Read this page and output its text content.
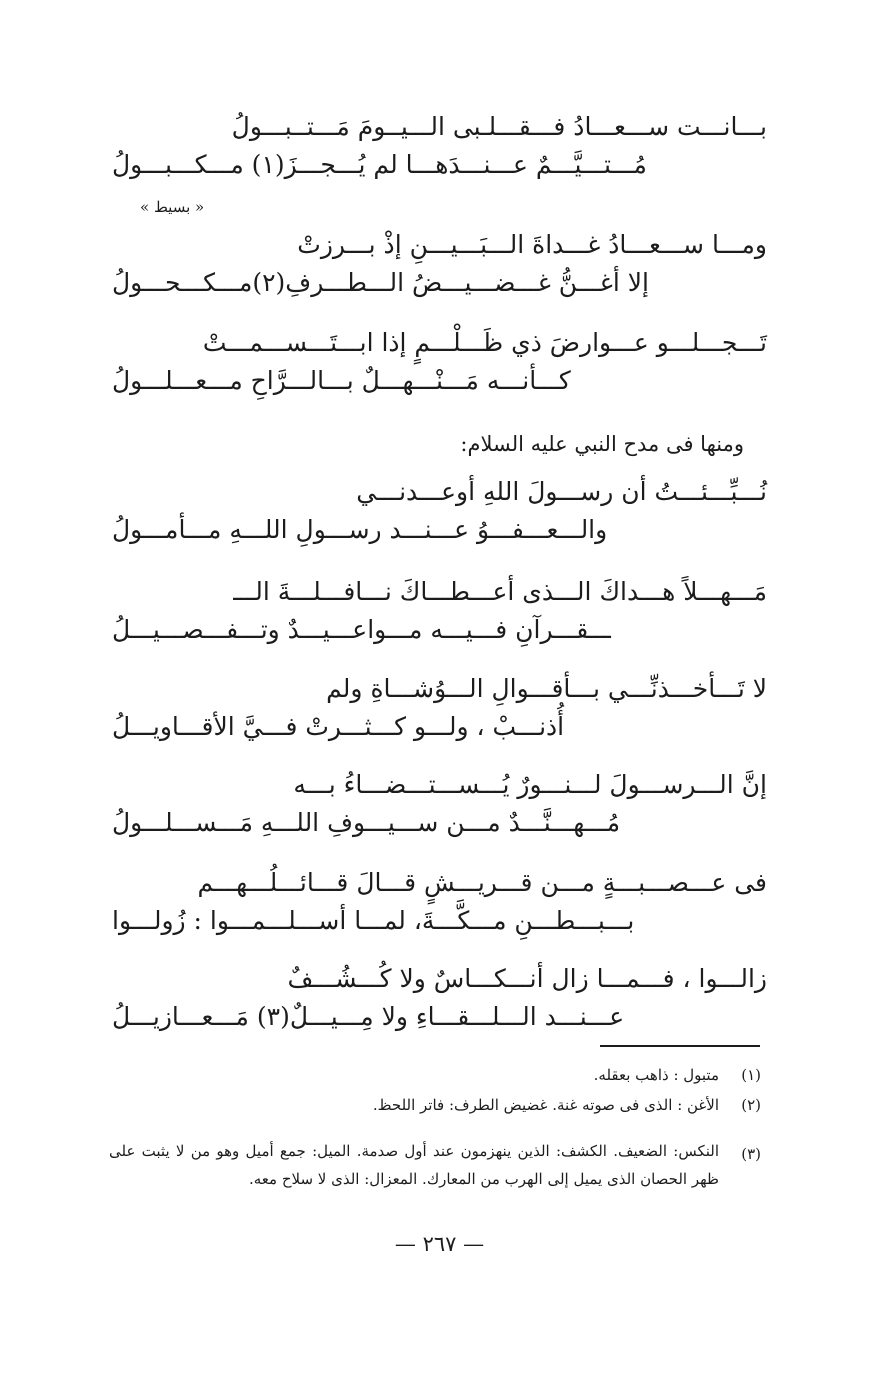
بـــانـــت ســـعـــادُ فـــقـــلـبى الـــيــومَ مَـــتــبـــولُ
مُـــتـــيَّـــمٌ عـــنـــدَهـــا لم يُـــجـــزَ(١) مـــكـــبـــولُ
« بسيط »
ومـــا ســـعـــادُ غـــداةَ الـــبَـــيـــنِ إذْ بـــرزتْ
إلا أغـــنُّ غـــضـــيـــضُ الـــطـــرفِ(٢)مـــكـــحـــولُ
تَـــجـــلـــو عـــوارضَ ذي ظَـــلْـــمٍ إذا ابـــتَـــســـمـــتْ
كـــأنـــه مَـــنْـــهـــلٌ بـــالـــرَّاحِ مـــعـــلـــولُ
ومنها فى مدح النبي عليه السلام:
نُـــبِّـــئـــتُ أن رســـولَ اللهِ أوعـــدنـــي
والـــعـــفـــوُ عـــنـــد رســـولِ اللـــهِ مـــأمـــولُ
مَـــهـــلاً هـــداكَ الـــذى أعـــطـــاكَ نـــافـــلـــةَ الـــ
ـــقـــرآنِ فـــيـــه مـــواعـــيـــدٌ وتـــفـــصـــيـــلُ
لا تَـــأخـــذنِّـــي بـــأقـــوالِ الـــوُشـــاةِ ولم
أُذنـــبْ ، ولـــو كـــثـــرتْ فـــيَّ الأقـــاويـــلُ
إنَّ الـــرســـولَ لـــنـــورٌ يُـــســـتـــضـــاءُ بـــه
مُـــهـــنَّـــدٌ مـــن ســـيـــوفِ اللـــهِ مَـــســـلـــولُ
فى عـــصـــبـــةٍ مـــن قـــريـــشٍ قـــالَ قـــائـــلُـــهـــم
بـــبـــطـــنِ مـــكَّـــةَ، لمـــا أســـلـــمـــوا : زُولـــوا
زالـــوا ، فـــمـــا زال أنـــكـــاسٌ ولا كُـــشُـــفٌ
عـــنـــد الـــلـــقـــاءِ ولا مِـــيـــلٌ(٣) مَـــعـــازيـــلُ
(١)
متبول : ذاهب بعقله.
(٢)
الأغن : الذى فى صوته غنة. غضيض الطرف: فاتر اللحظ.
(٣)
النكس: الضعيف. الكشف: الذين ينهزمون عند أول صدمة. الميل: جمع أميل وهو من لا يثبت على ظهر الحصان الذى يميل إلى الهرب من المعارك. المعزال: الذى لا سلاح معه.
— ٢٦٧ —
